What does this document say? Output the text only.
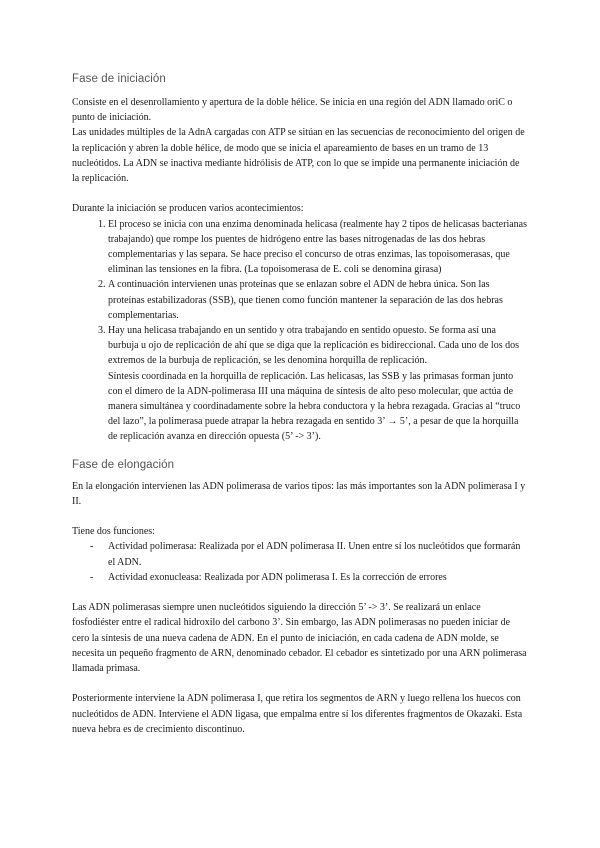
Fase de iniciación

Consiste en el desenrollamiento y apertura de la doble hélice. Se inicia en una región del ADN llamado oriC o punto de iniciación.

Las unidades múltiples de la AdnA cargadas con ATP se sitúan en las secuencias de reconocimiento del origen de la replicación y abren la doble hélice, de modo que se inicia el apareamiento de bases en un tramo de 13 nucleótidos. La ADN se inactiva mediante hidrólisis de ATP, con lo que se impide una permanente iniciación de la replicación.

Durante la iniciación se producen varios acontecimientos:

1. El proceso se inicia con una enzima denominada helicasa (realmente hay 2 tipos de helicasas bacterianas trabajando) que rompe los puentes de hidrógeno entre las bases nitrogenadas de las dos hebras complementarias y las separa. Se hace preciso el concurso de otras enzimas, las topoisomerasas, que eliminan las tensiones en la fibra. (La topoisomerasa de E. coli se denomina girasa)
2. A continuación intervienen unas proteínas que se enlazan sobre el ADN de hebra única. Son las proteínas estabilizadoras (SSB), que tienen como función mantener la separación de las dos hebras complementarias.
3. Hay una helicasa trabajando en un sentido y otra trabajando en sentido opuesto. Se forma así una burbuja u ojo de replicación de ahí que se diga que la replicación es bidireccional. Cada uno de los dos extremos de la burbuja de replicación, se les denomina horquilla de replicación.
Síntesis coordinada en la horquilla de replicación. Las helicasas, las SSB y las primasas forman junto con el dímero de la ADN-polimerasa III una máquina de síntesis de alto peso molecular, que actúa de manera simultánea y coordinadamente sobre la hebra conductora y la hebra rezagada. Gracias al “truco del lazo”, la polimerasa puede atrapar la hebra rezagada en sentido 3’ → 5’, a pesar de que la horquilla de replicación avanza en dirección opuesta (5’ -> 3’).
Fase de elongación

En la elongación intervienen las ADN polimerasa de varios tipos: las más importantes son la ADN polimerasa I y II.

Tiene dos funciones:

- Actividad polimerasa: Realizada por el ADN polimerasa II. Unen entre sí los nucleótidos que formarán el ADN.
- Actividad exonucleasa: Realizada por ADN polimerasa I. Es la corrección de errores

Las ADN polimerasas siempre unen nucleótidos siguiendo la dirección 5’ -> 3’. Se realizará un enlace fosfodiéster entre el radical hidroxilo del carbono 3’. Sin embargo, las ADN polimerasas no pueden iniciar de cero la síntesis de una nueva cadena de ADN. En el punto de iniciación, en cada cadena de ADN molde, se necesita un pequeño fragmento de ARN, denominado cebador. El cebador es sintetizado por una ARN polimerasa llamada primasa.

Posteriormente interviene la ADN polimerasa I, que retira los segmentos de ARN y luego rellena los huecos con nucleótidos de ADN. Interviene el ADN ligasa, que empalma entre sí los diferentes fragmentos de Okazaki. Esta nueva hebra es de crecimiento discontinuo.
